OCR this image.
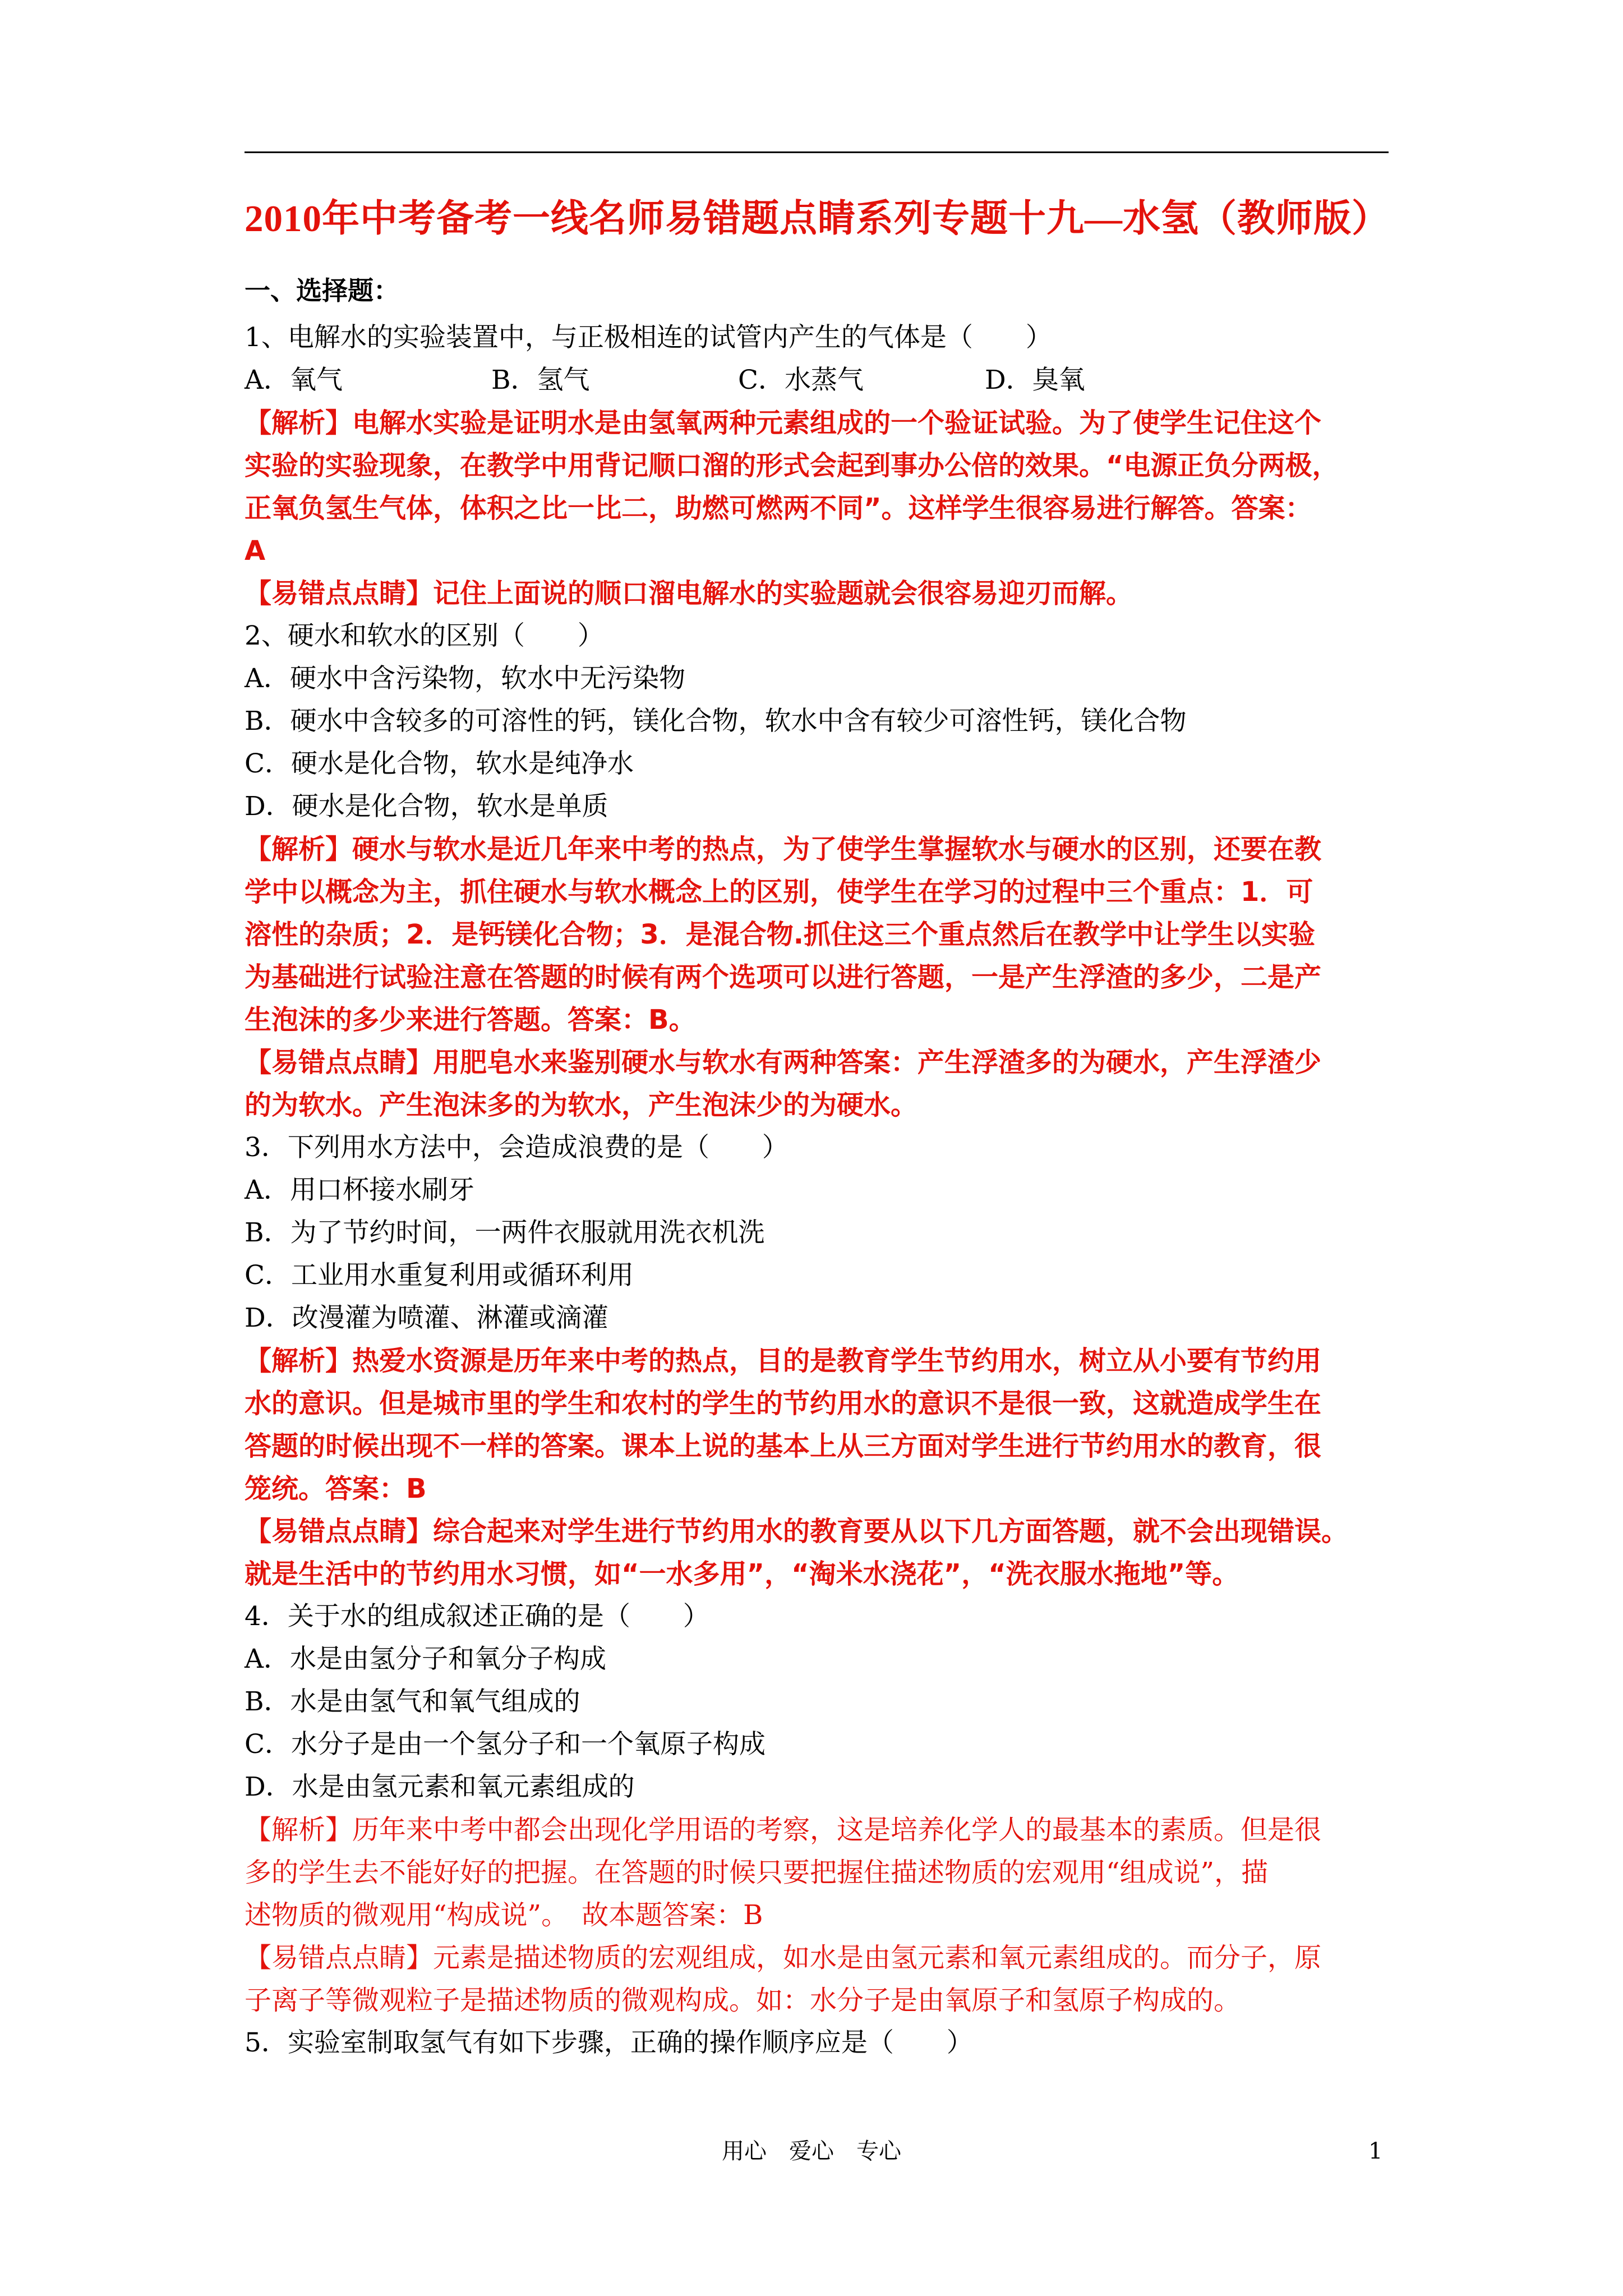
2010年中考备考一线名师易错题点睛系列专题十九—水氢（教师版）
一、选择题：
1、电解水的实验装置中，与正极相连的试管内产生的气体是（　　）
A．氧气	B．氢气	C．水蒸气	D．臭氧
【解析】电解水实验是证明水是由氢氧两种元素组成的一个验证试验。为了使学生记住这个
实验的实验现象，在教学中用背记顺口溜的形式会起到事办公倍的效果。“电源正负分两极，
正氧负氢生气体，体积之比一比二，助燃可燃两不同”。这样学生很容易进行解答。答案：
A
【易错点点睛】记住上面说的顺口溜电解水的实验题就会很容易迎刃而解。
2、硬水和软水的区别（　　）
A．硬水中含污染物，软水中无污染物
B．硬水中含较多的可溶性的钙，镁化合物，软水中含有较少可溶性钙，镁化合物
C．硬水是化合物，软水是纯净水
D．硬水是化合物，软水是单质
【解析】硬水与软水是近几年来中考的热点，为了使学生掌握软水与硬水的区别，还要在教
学中以概念为主，抓住硬水与软水概念上的区别，使学生在学习的过程中三个重点：1．可
溶性的杂质；2．是钙镁化合物；3．是混合物.抓住这三个重点然后在教学中让学生以实验
为基础进行试验注意在答题的时候有两个选项可以进行答题，一是产生浮渣的多少，二是产
生泡沫的多少来进行答题。答案：B。
【易错点点睛】用肥皂水来鉴别硬水与软水有两种答案：产生浮渣多的为硬水，产生浮渣少
的为软水。产生泡沫多的为软水，产生泡沫少的为硬水。
3．下列用水方法中，会造成浪费的是（　　）
A．用口杯接水刷牙
B．为了节约时间，一两件衣服就用洗衣机洗
C．工业用水重复利用或循环利用
D．改漫灌为喷灌、淋灌或滴灌
【解析】热爱水资源是历年来中考的热点，目的是教育学生节约用水，树立从小要有节约用
水的意识。但是城市里的学生和农村的学生的节约用水的意识不是很一致，这就造成学生在
答题的时候出现不一样的答案。课本上说的基本上从三方面对学生进行节约用水的教育，很
笼统。答案：B
【易错点点睛】综合起来对学生进行节约用水的教育要从以下几方面答题，就不会出现错误。
就是生活中的节约用水习惯，如“一水多用”，“淘米水浇花”，“洗衣服水拖地”等。
4．关于水的组成叙述正确的是（　　）
A．水是由氢分子和氧分子构成
B．水是由氢气和氧气组成的
C．水分子是由一个氢分子和一个氧原子构成
D．水是由氢元素和氧元素组成的
【解析】历年来中考中都会出现化学用语的考察，这是培养化学人的最基本的素质。但是很
多的学生去不能好好的把握。在答题的时候只要把握住描述物质的宏观用“组成说”，描
述物质的微观用“构成说”。　故本题答案：B
【易错点点睛】元素是描述物质的宏观组成，如水是由氢元素和氧元素组成的。而分子，原
子离子等微观粒子是描述物质的微观构成。如：水分子是由氧原子和氢原子构成的。
5．实验室制取氢气有如下步骤，正确的操作顺序应是（　　）
用心　爱心　专心	1
